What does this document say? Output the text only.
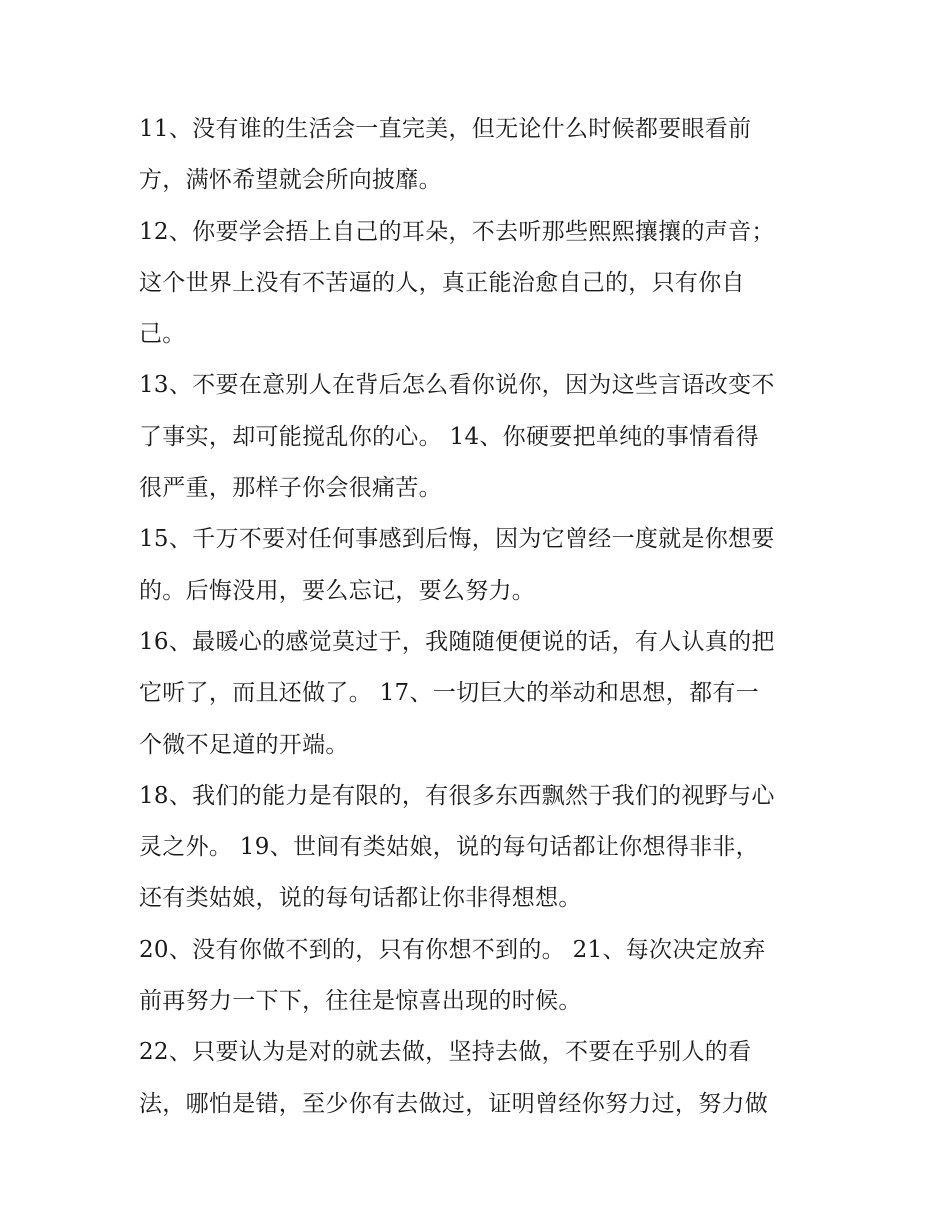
11、没有谁的生活会一直完美，但无论什么时候都要眼看前
方，满怀希望就会所向披靡。
12、你要学会捂上自己的耳朵，不去听那些熙熙攘攘的声音；
这个世界上没有不苦逼的人，真正能治愈自己的，只有你自
己。
13、不要在意别人在背后怎么看你说你，因为这些言语改变不
了事实，却可能搅乱你的心。 14、你硬要把单纯的事情看得
很严重，那样子你会很痛苦。
15、千万不要对任何事感到后悔，因为它曾经一度就是你想要
的。后悔没用，要么忘记，要么努力。
16、最暖心的感觉莫过于，我随随便便说的话，有人认真的把
它听了，而且还做了。 17、一切巨大的举动和思想，都有一
个微不足道的开端。
18、我们的能力是有限的，有很多东西飘然于我们的视野与心
灵之外。 19、世间有类姑娘，说的每句话都让你想得非非，
还有类姑娘，说的每句话都让你非得想想。
20、没有你做不到的，只有你想不到的。 21、每次决定放弃
前再努力一下下，往往是惊喜出现的时候。
22、只要认为是对的就去做，坚持去做，不要在乎别人的看
法，哪怕是错，至少你有去做过，证明曾经你努力过，努力做
